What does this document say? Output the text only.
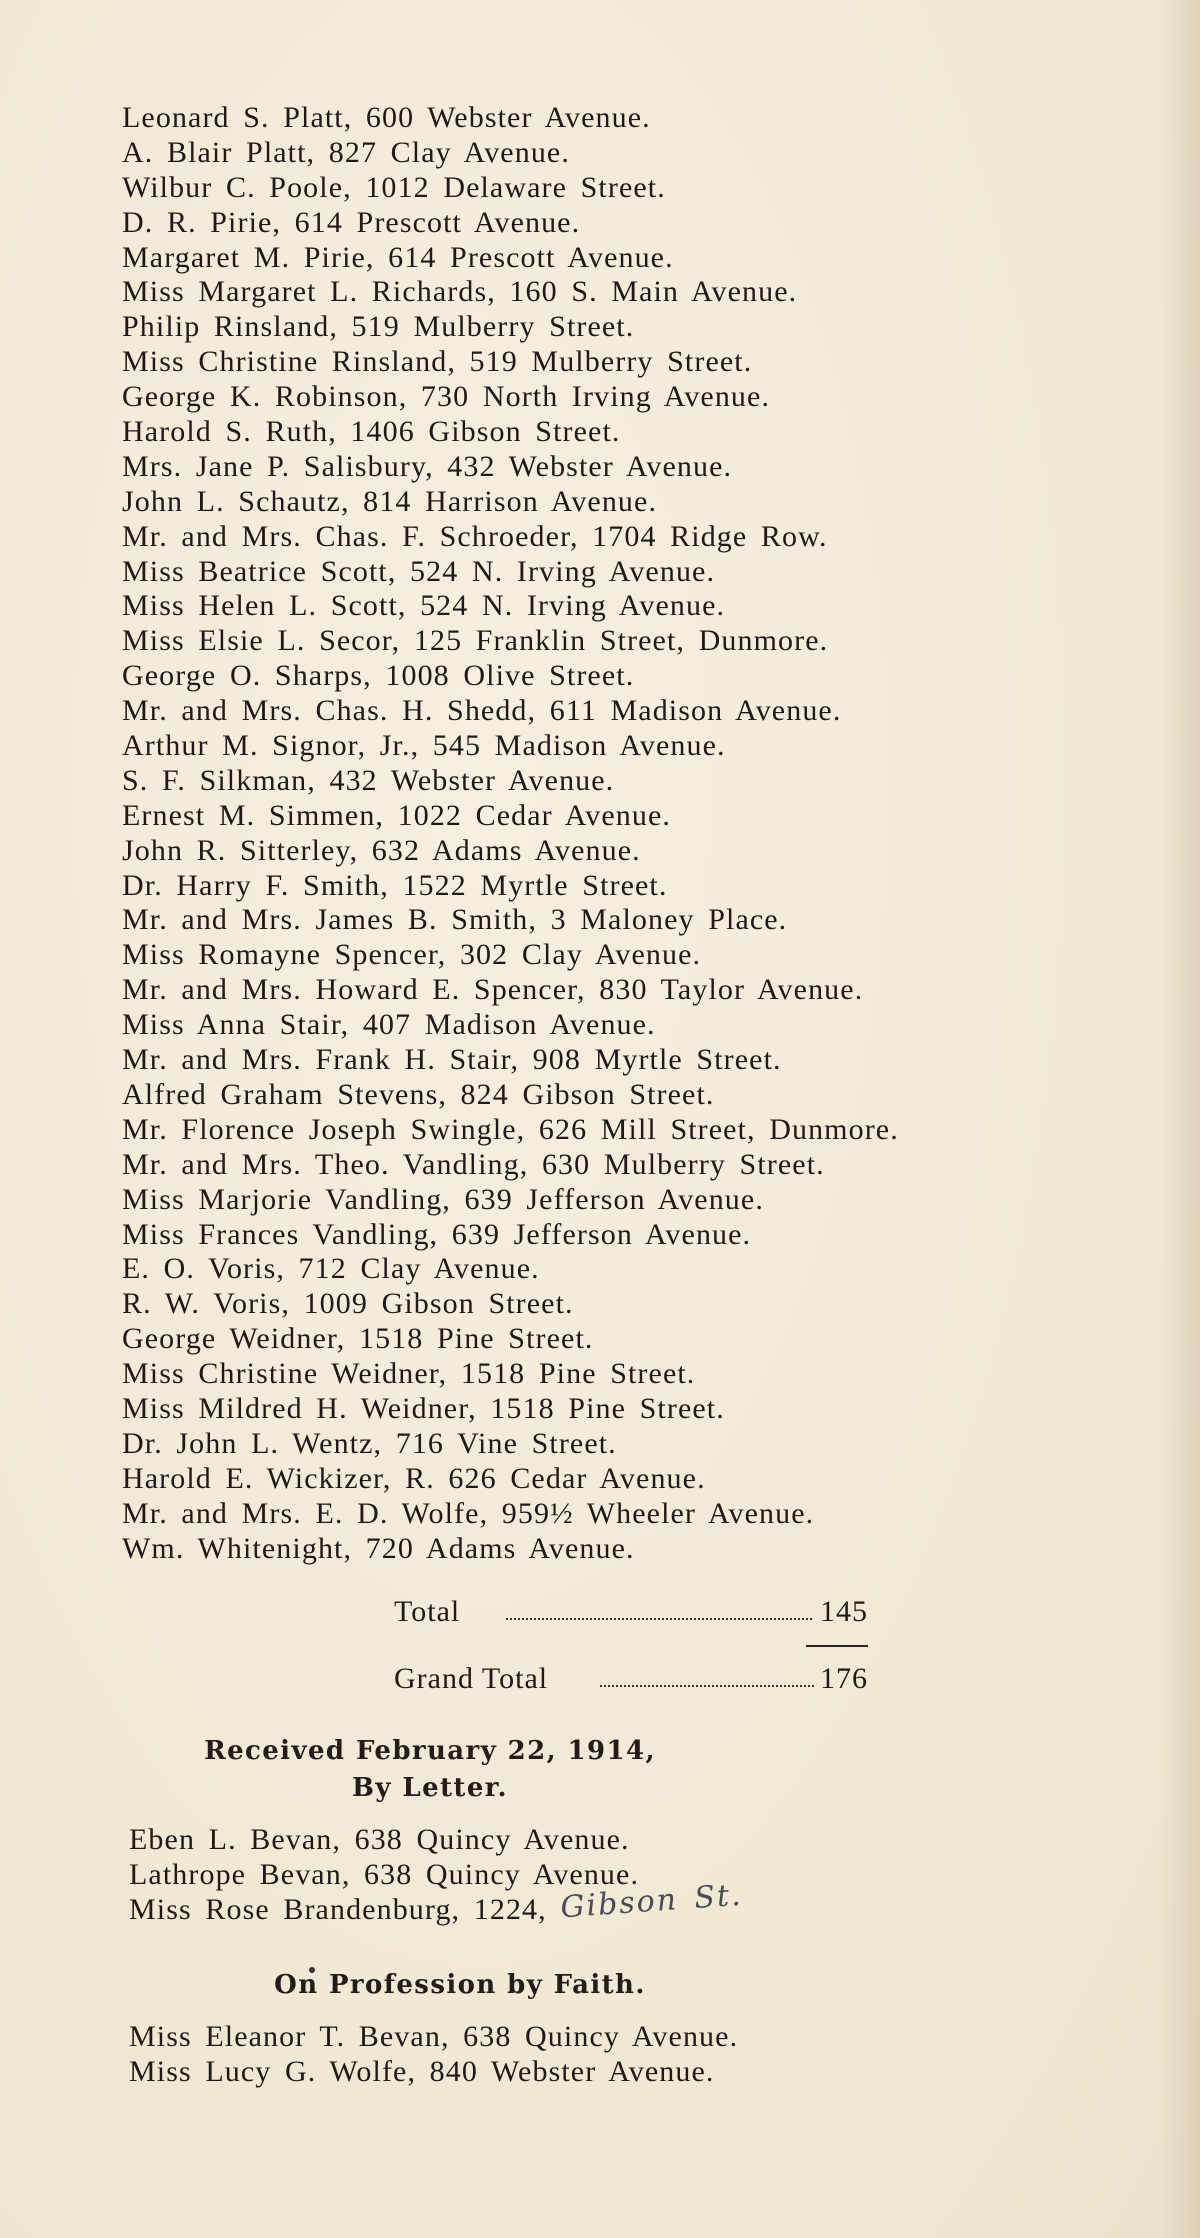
Leonard S. Platt, 600 Webster Avenue.
A. Blair Platt, 827 Clay Avenue.
Wilbur C. Poole, 1012 Delaware Street.
D. R. Pirie, 614 Prescott Avenue.
Margaret M. Pirie, 614 Prescott Avenue.
Miss Margaret L. Richards, 160 S. Main Avenue.
Philip Rinsland, 519 Mulberry Street.
Miss Christine Rinsland, 519 Mulberry Street.
George K. Robinson, 730 North Irving Avenue.
Harold S. Ruth, 1406 Gibson Street.
Mrs. Jane P. Salisbury, 432 Webster Avenue.
John L. Schautz, 814 Harrison Avenue.
Mr. and Mrs. Chas. F. Schroeder, 1704 Ridge Row.
Miss Beatrice Scott, 524 N. Irving Avenue.
Miss Helen L. Scott, 524 N. Irving Avenue.
Miss Elsie L. Secor, 125 Franklin Street, Dunmore.
George O. Sharps, 1008 Olive Street.
Mr. and Mrs. Chas. H. Shedd, 611 Madison Avenue.
Arthur M. Signor, Jr., 545 Madison Avenue.
S. F. Silkman, 432 Webster Avenue.
Ernest M. Simmen, 1022 Cedar Avenue.
John R. Sitterley, 632 Adams Avenue.
Dr. Harry F. Smith, 1522 Myrtle Street.
Mr. and Mrs. James B. Smith, 3 Maloney Place.
Miss Romayne Spencer, 302 Clay Avenue.
Mr. and Mrs. Howard E. Spencer, 830 Taylor Avenue.
Miss Anna Stair, 407 Madison Avenue.
Mr. and Mrs. Frank H. Stair, 908 Myrtle Street.
Alfred Graham Stevens, 824 Gibson Street.
Mr. Florence Joseph Swingle, 626 Mill Street, Dunmore.
Mr. and Mrs. Theo. Vandling, 630 Mulberry Street.
Miss Marjorie Vandling, 639 Jefferson Avenue.
Miss Frances Vandling, 639 Jefferson Avenue.
E. O. Voris, 712 Clay Avenue.
R. W. Voris, 1009 Gibson Street.
George Weidner, 1518 Pine Street.
Miss Christine Weidner, 1518 Pine Street.
Miss Mildred H. Weidner, 1518 Pine Street.
Dr. John L. Wentz, 716 Vine Street.
Harold E. Wickizer, R. 626 Cedar Avenue.
Mr. and Mrs. E. D. Wolfe, 959½ Wheeler Avenue.
Wm. Whitenight, 720 Adams Avenue.
Total	145
Grand Total	176
Received February 22, 1914,
By Letter.
Eben L. Bevan, 638 Quincy Avenue.
Lathrope Bevan, 638 Quincy Avenue.
Miss Rose Brandenburg, 1224, Gibson St.
On Profession by Faith.
Miss Eleanor T. Bevan, 638 Quincy Avenue.
Miss Lucy G. Wolfe, 840 Webster Avenue.
